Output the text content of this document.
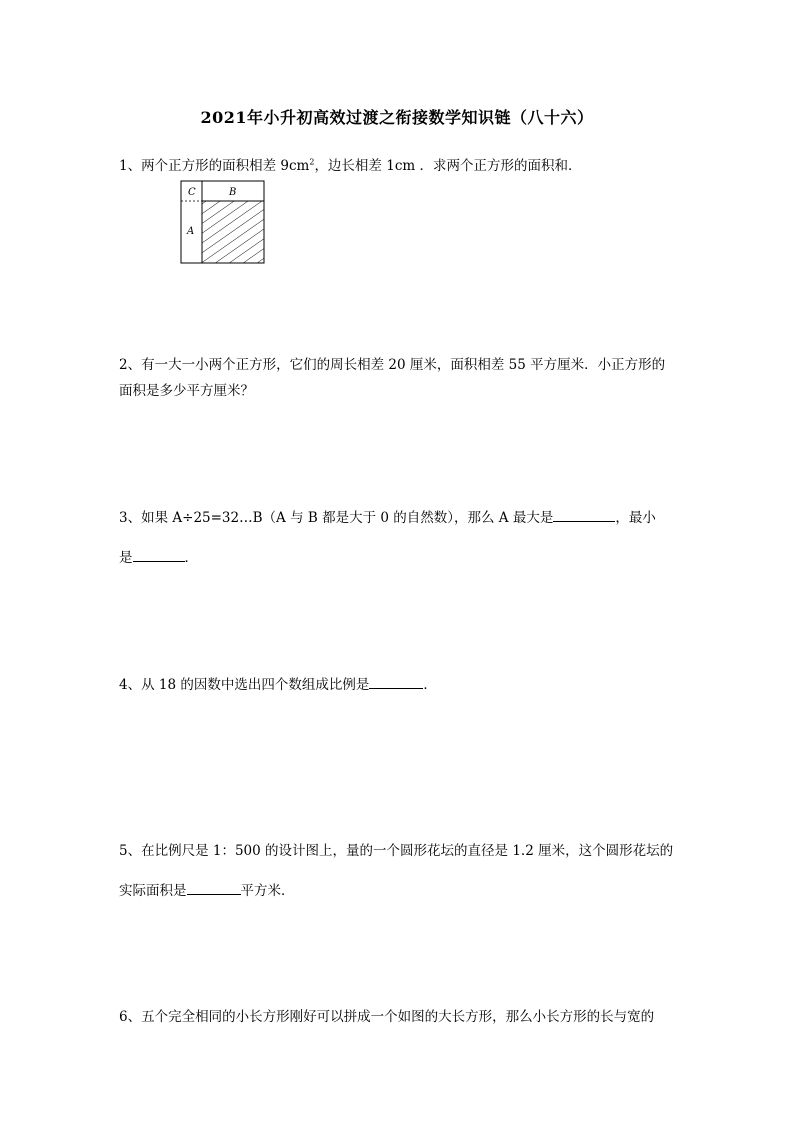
2021年小升初高效过渡之衔接数学知识链（八十六）
1、两个正方形的面积相差 $9cm^2$，边长相差 1cm ．求两个正方形的面积和．
C	B
A
2、有一大一小两个正方形，它们的周长相差 20 厘米，面积相差 55 平方厘米．小正方形的
面积是多少平方厘米？
3、如果 A÷25=32…B（A 与 B 都是大于 0 的自然数），那么 A 最大是	，最小
是	．
4、从 18 的因数中选出四个数组成比例是	．
5、在比例尺是 1：500 的设计图上，量的一个圆形花坛的直径是 1.2 厘米，这个圆形花坛的
实际面积是	平方米．
6、五个完全相同的小长方形刚好可以拼成一个如图的大长方形，那么小长方形的长与宽的
